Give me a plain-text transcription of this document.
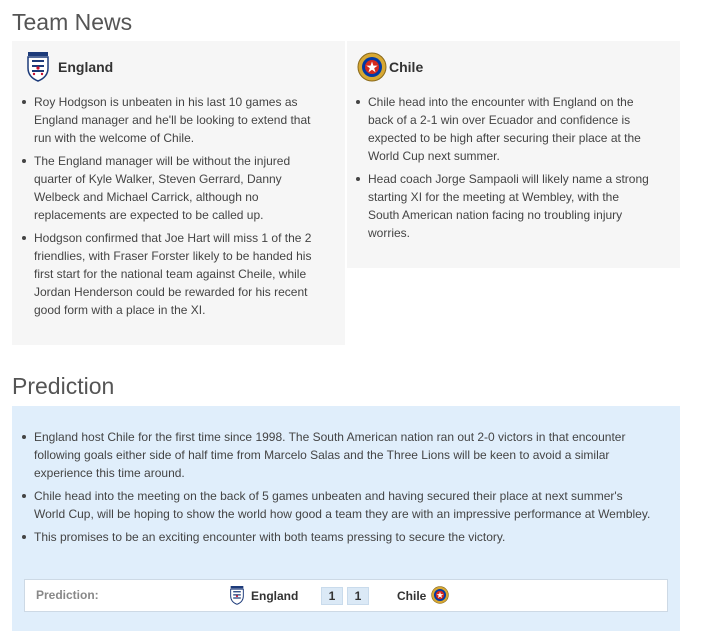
Team News
England
Roy Hodgson is unbeaten in his last 10 games as England manager and he'll be looking to extend that run with the welcome of Chile.
The England manager will be without the injured quarter of Kyle Walker, Steven Gerrard, Danny Welbeck and Michael Carrick, although no replacements are expected to be called up.
Hodgson confirmed that Joe Hart will miss 1 of the 2 friendlies, with Fraser Forster likely to be handed his first start for the national team against Cheile, while Jordan Henderson could be rewarded for his recent good form with a place in the XI.
Chile
Chile head into the encounter with England on the back of a 2-1 win over Ecuador and confidence is expected to be high after securing their place at the World Cup next summer.
Head coach Jorge Sampaoli will likely name a strong starting XI for the meeting at Wembley, with the South American nation facing no troubling injury worries.
Prediction
England host Chile for the first time since 1998. The South American nation ran out 2-0 victors in that encounter following goals either side of half time from Marcelo Salas and the Three Lions will be keen to avoid a similar experience this time around.
Chile head into the meeting on the back of 5 games unbeaten and having secured their place at next summer's World Cup, will be hoping to show the world how good a team they are with an impressive performance at Wembley.
This promises to be an exciting encounter with both teams pressing to secure the victory.
Prediction:	England	1	1	Chile
